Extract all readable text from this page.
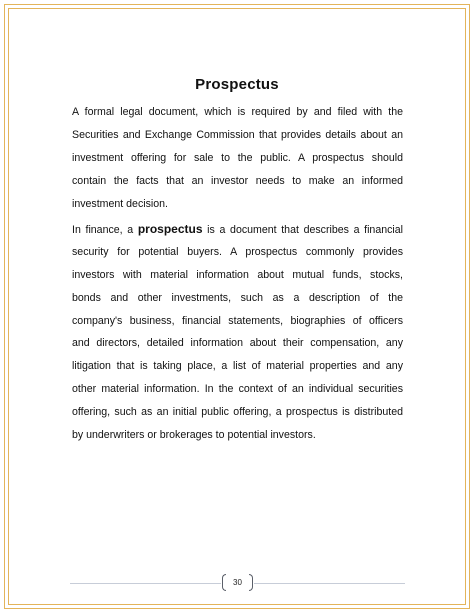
Prospectus
A formal legal document, which is required by and filed with the
Securities and Exchange Commission that provides details about an
investment offering for sale to the public. A prospectus should
contain the facts that an investor needs to make an informed
investment decision.
In finance, a prospectus is a document that describes a financial
security for potential buyers. A prospectus commonly provides
investors with material information about mutual funds, stocks,
bonds and other investments, such as a description of the
company's business, financial statements, biographies of officers
and directors, detailed information about their compensation, any
litigation that is taking place, a list of material properties and any
other material information. In the context of an individual securities
offering, such as an initial public offering, a prospectus is distributed
by underwriters or brokerages to potential investors.
30
